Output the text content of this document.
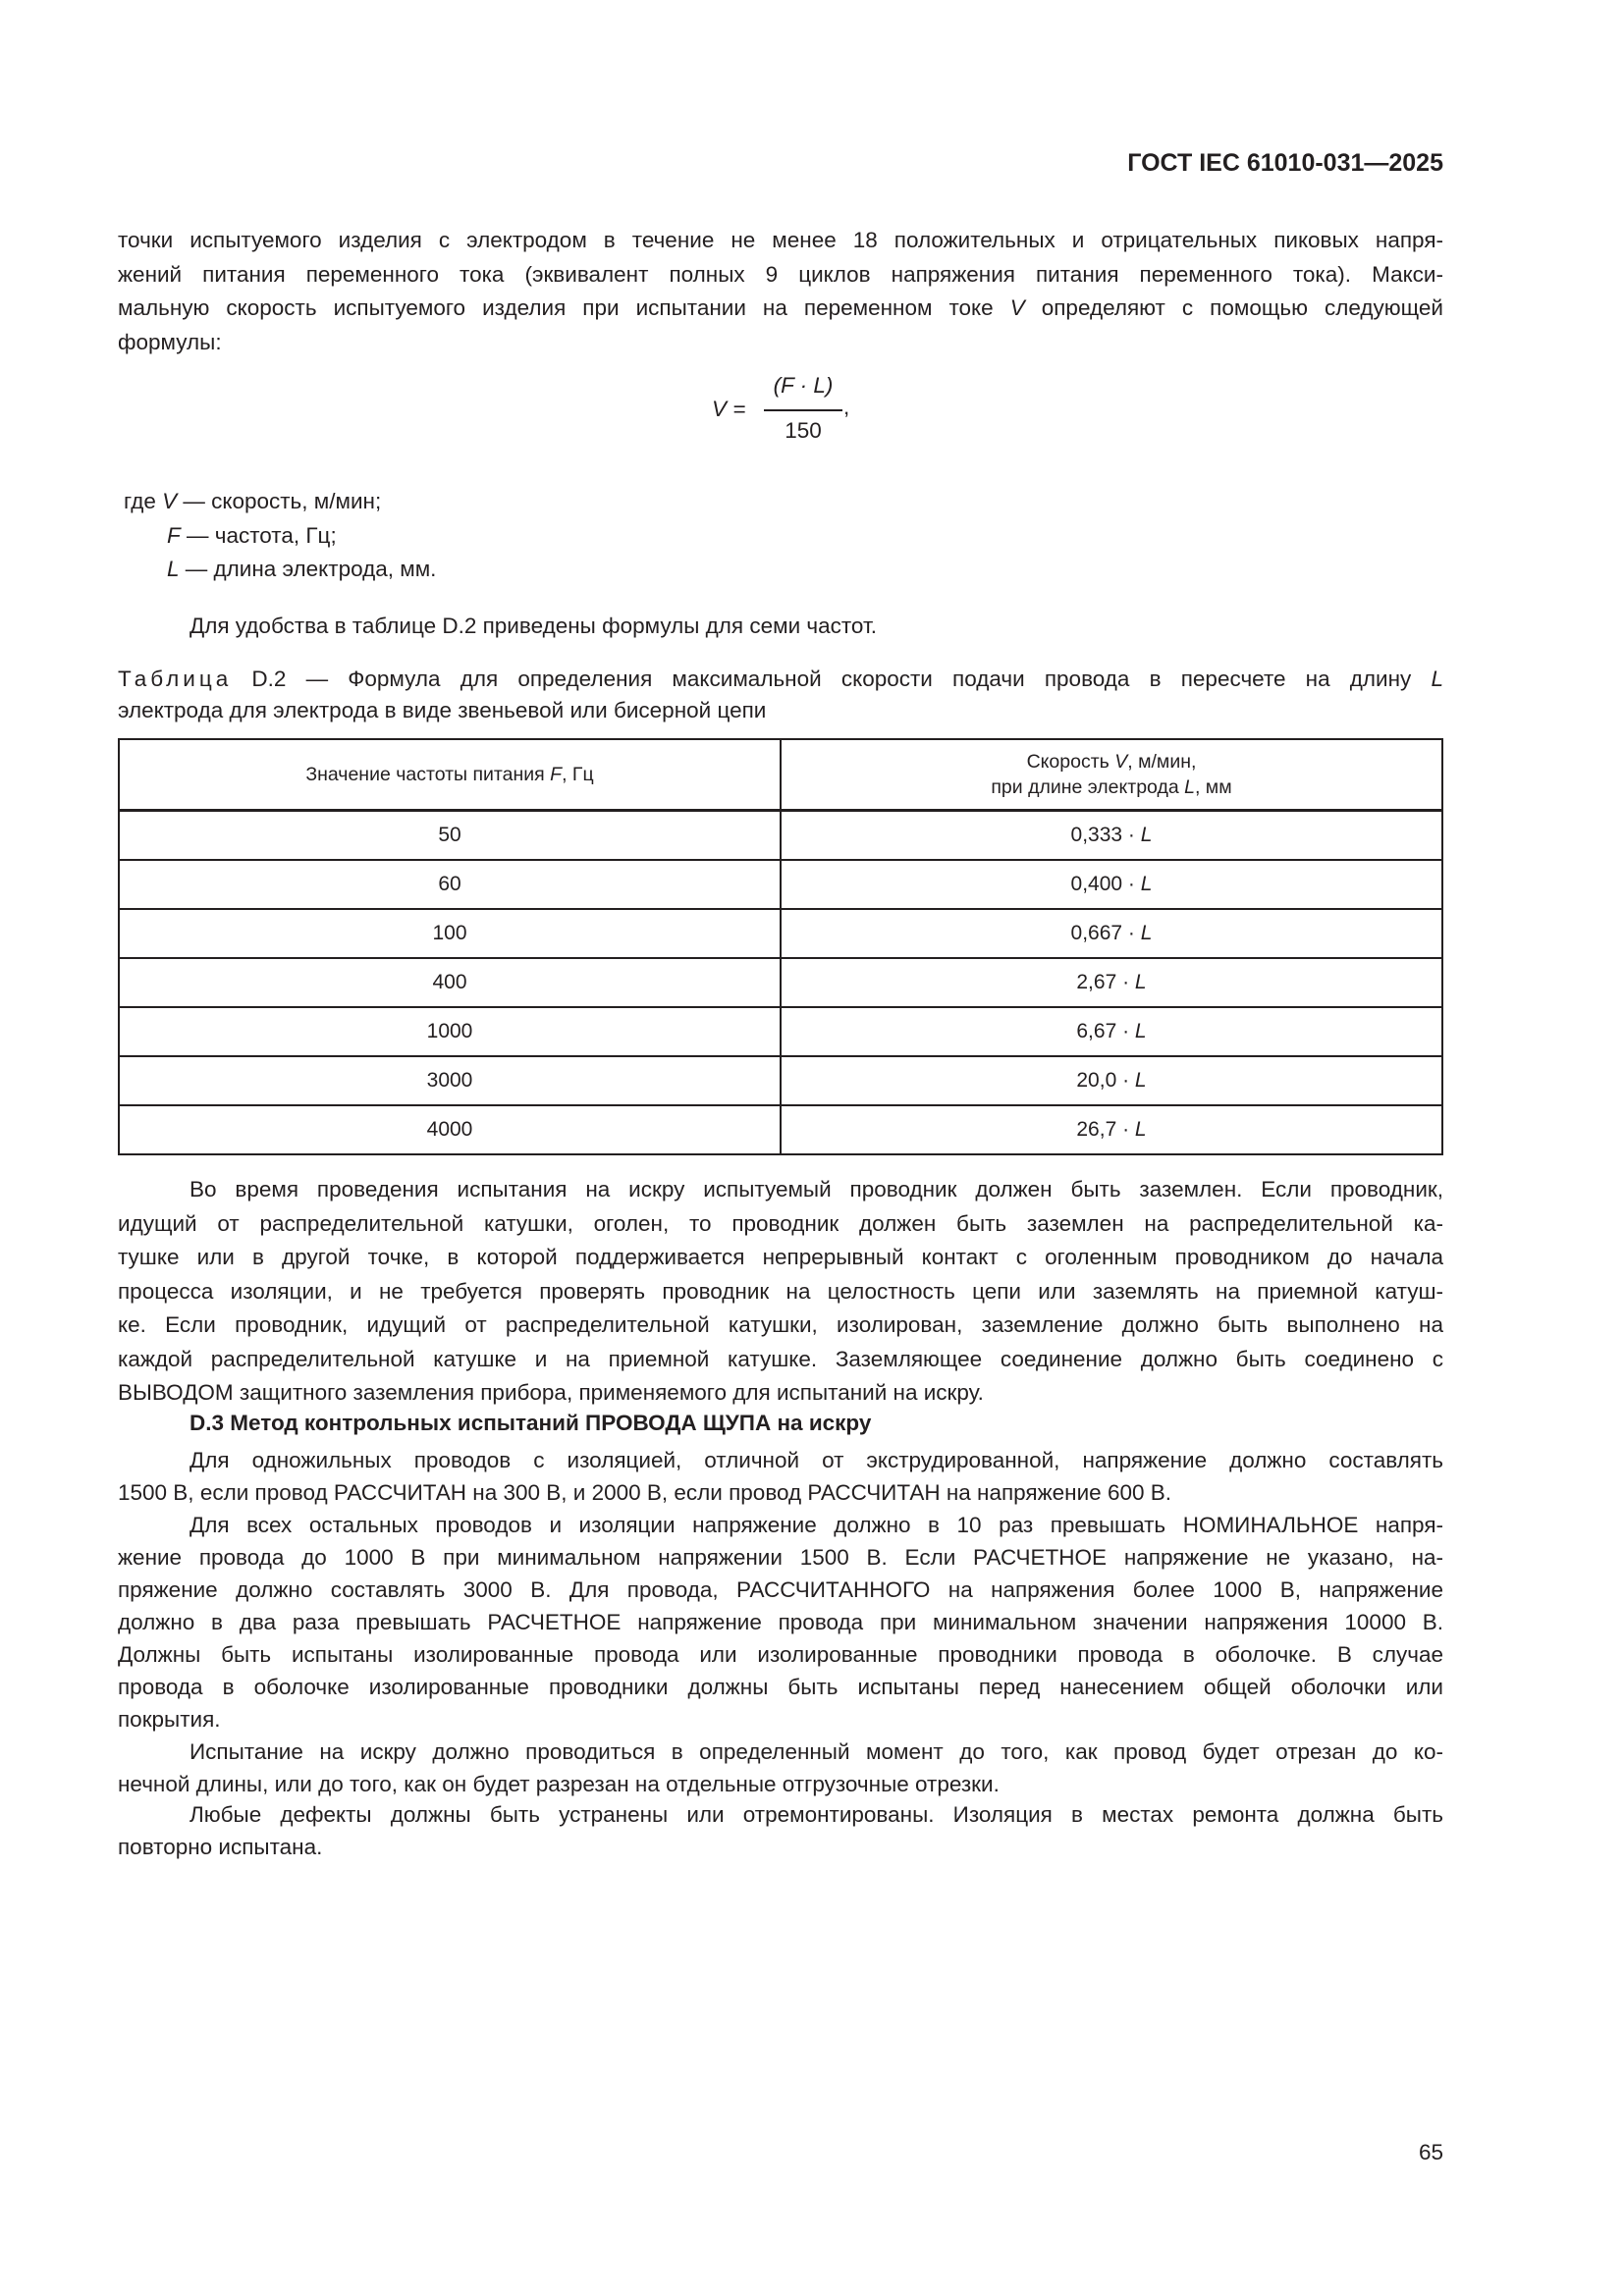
ГОСТ IEC 61010-031—2025
точки испытуемого изделия с электродом в течение не менее 18 положительных и отрицательных пиковых напря-
жений питания переменного тока (эквивалент полных 9 циклов напряжения питания переменного тока). Макси-
мальную скорость испытуемого изделия при испытании на переменном токе V определяют с помощью следующей
формулы:
V =
(F · L)
150
,
где V — скорость, м/мин;
F — частота, Гц;
L — длина электрода, мм.
Для удобства в таблице D.2 приведены формулы для семи частот.
Таблица D.2 — Формула для определения максимальной скорости подачи провода в пересчете на длину L
электрода для электрода в виде звеньевой или бисерной цепи
Значение частоты питания F, Гц	Скорость V, м/мин,
при длине электрода L, мм
50	0,333 · L
60	0,400 · L
100	0,667 · L
400	2,67 · L
1000	6,67 · L
3000	20,0 · L
4000	26,7 · L
Во время проведения испытания на искру испытуемый проводник должен быть заземлен. Если проводник,
идущий от распределительной катушки, оголен, то проводник должен быть заземлен на распределительной ка-
тушке или в другой точке, в которой поддерживается непрерывный контакт с оголенным проводником до начала
процесса изоляции, и не требуется проверять проводник на целостность цепи или заземлять на приемной катуш-
ке. Если проводник, идущий от распределительной катушки, изолирован, заземление должно быть выполнено на
каждой распределительной катушке и на приемной катушке. Заземляющее соединение должно быть соединено с
ВЫВОДОМ защитного заземления прибора, применяемого для испытаний на искру.
D.3 Метод контрольных испытаний ПРОВОДА ЩУПА на искру
Для одножильных проводов с изоляцией, отличной от экструдированной, напряжение должно составлять
1500 В, если провод РАССЧИТАН на 300 В, и 2000 В, если провод РАССЧИТАН на напряжение 600 В.
Для всех остальных проводов и изоляции напряжение должно в 10 раз превышать НОМИНАЛЬНОЕ напря-
жение провода до 1000 В при минимальном напряжении 1500 В. Если РАСЧЕТНОЕ напряжение не указано, на-
пряжение должно составлять 3000 В. Для провода, РАССЧИТАННОГО на напряжения более 1000 В, напряжение
должно в два раза превышать РАСЧЕТНОЕ напряжение провода при минимальном значении напряжения 10000 В.
Должны быть испытаны изолированные провода или изолированные проводники провода в оболочке. В случае
провода в оболочке изолированные проводники должны быть испытаны перед нанесением общей оболочки или
покрытия.
Испытание на искру должно проводиться в определенный момент до того, как провод будет отрезан до ко-
нечной длины, или до того, как он будет разрезан на отдельные отгрузочные отрезки.
Любые дефекты должны быть устранены или отремонтированы. Изоляция в местах ремонта должна быть
повторно испытана.
65
